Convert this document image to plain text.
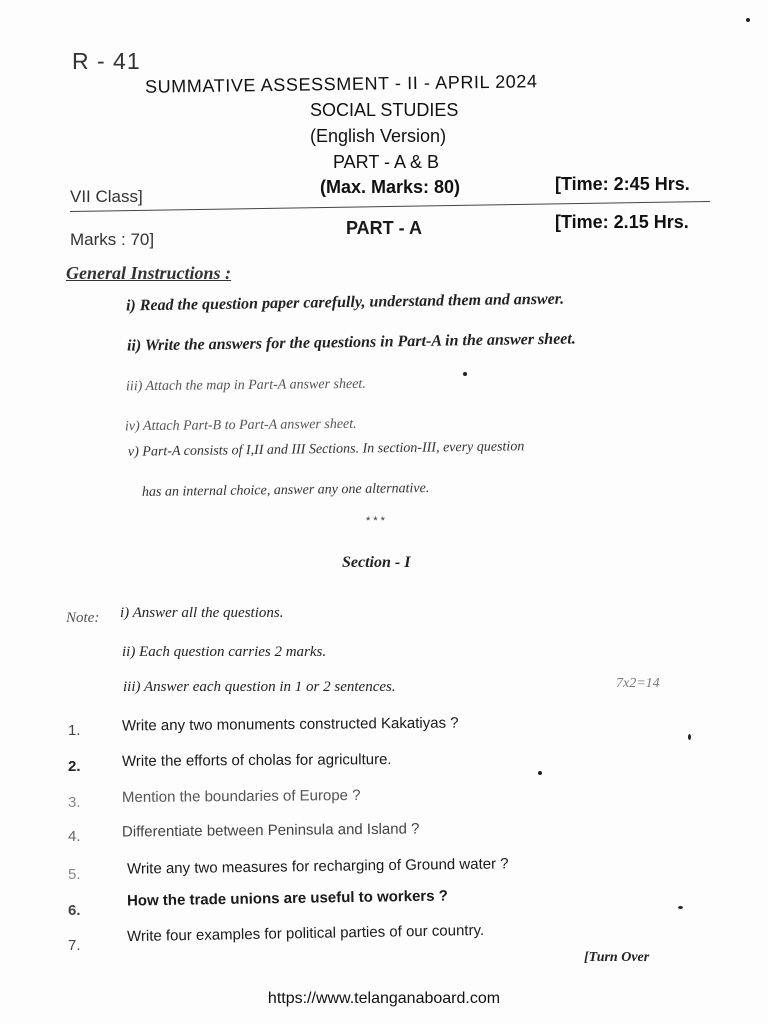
R - 41
SUMMATIVE ASSESSMENT - II - APRIL 2024
SOCIAL STUDIES
(English Version)
PART - A & B
(Max. Marks: 80)	[Time: 2:45 Hrs.
VII Class]
Marks : 70]
PART - A	[Time: 2.15 Hrs.
General Instructions :
i) Read the question paper carefully, understand them and answer.
ii) Write the answers for the questions in Part-A in the answer sheet.
iii) Attach the map in Part-A answer sheet.
iv) Attach Part-B to Part-A answer sheet.
v) Part-A consists of I,II and III Sections. In section-III, every question
has an internal choice, answer any one alternative.
* * *
Section - I
Note: i) Answer all the questions.
ii) Each question carries 2 marks.
iii) Answer each question in 1 or 2 sentences.	7x2=14
1.	Write any two monuments constructed Kakatiyas ?
2.	Write the efforts of cholas for agriculture.
3.	Mention the boundaries of Europe ?
4.	Differentiate between Peninsula and Island ?
5.	Write any two measures for recharging of Ground water ?
6.
How the trade unions are useful to workers ?
7.
Write four examples for political parties of our country.
[Turn Over
https://www.telanganaboard.com
